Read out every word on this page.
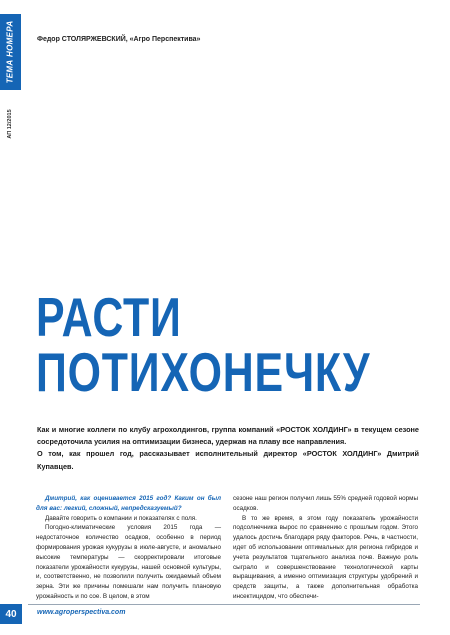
ТЕМА НОМЕРА
АП 12/2015
Федор СТОЛЯРЖЕВСКИЙ, «Агро Перспектива»
РАСТИ
ПОТИХОНЕЧКУ

Как и многие коллеги по клубу агрохолдингов, группа компаний «РОСТОК ХОЛДИНГ» в текущем сезоне сосредоточила усилия на оптимизации бизнеса, удержав на плаву все направления.

О том, как прошел год, рассказывает исполнительный директор «РОСТОК ХОЛДИНГ» Дмитрий Купавцев.

Дмитрий, как оценивается 2015 год? Каким он был для вас: легкий, сложный, непредсказуемый?

Давайте говорить о компании и показателях с поля.

Погодно-климатические условия 2015 года — недостаточное количество осадков, особенно в период формирования урожая кукурузы в июле-августе, и аномально высокие температуры — скорректировали итоговые показатели урожайности кукурузы, нашей основной культуры, и, соответственно, не позволили получить ожидаемый объем зерна. Эти же причины помешали нам получить плановую урожайность и по сое. В целом, в этом

сезоне наш регион получил лишь 55% средней годовой нормы осадков.

В то же время, в этом году показатель урожайности подсолнечника вырос по сравнению с прошлым годом. Этого удалось достичь благодаря ряду факторов. Речь, в частности, идет об использовании оптимальных для региона гибридов и учета результатов тщательного анализа почв. Важную роль сыграло и совершенствование технологической карты выращивания, а именно оптимизация структуры удобрений и средств защиты, а также дополнительная обработка инсектицидом, что обеспечи-

40	www.agroperspectiva.com
